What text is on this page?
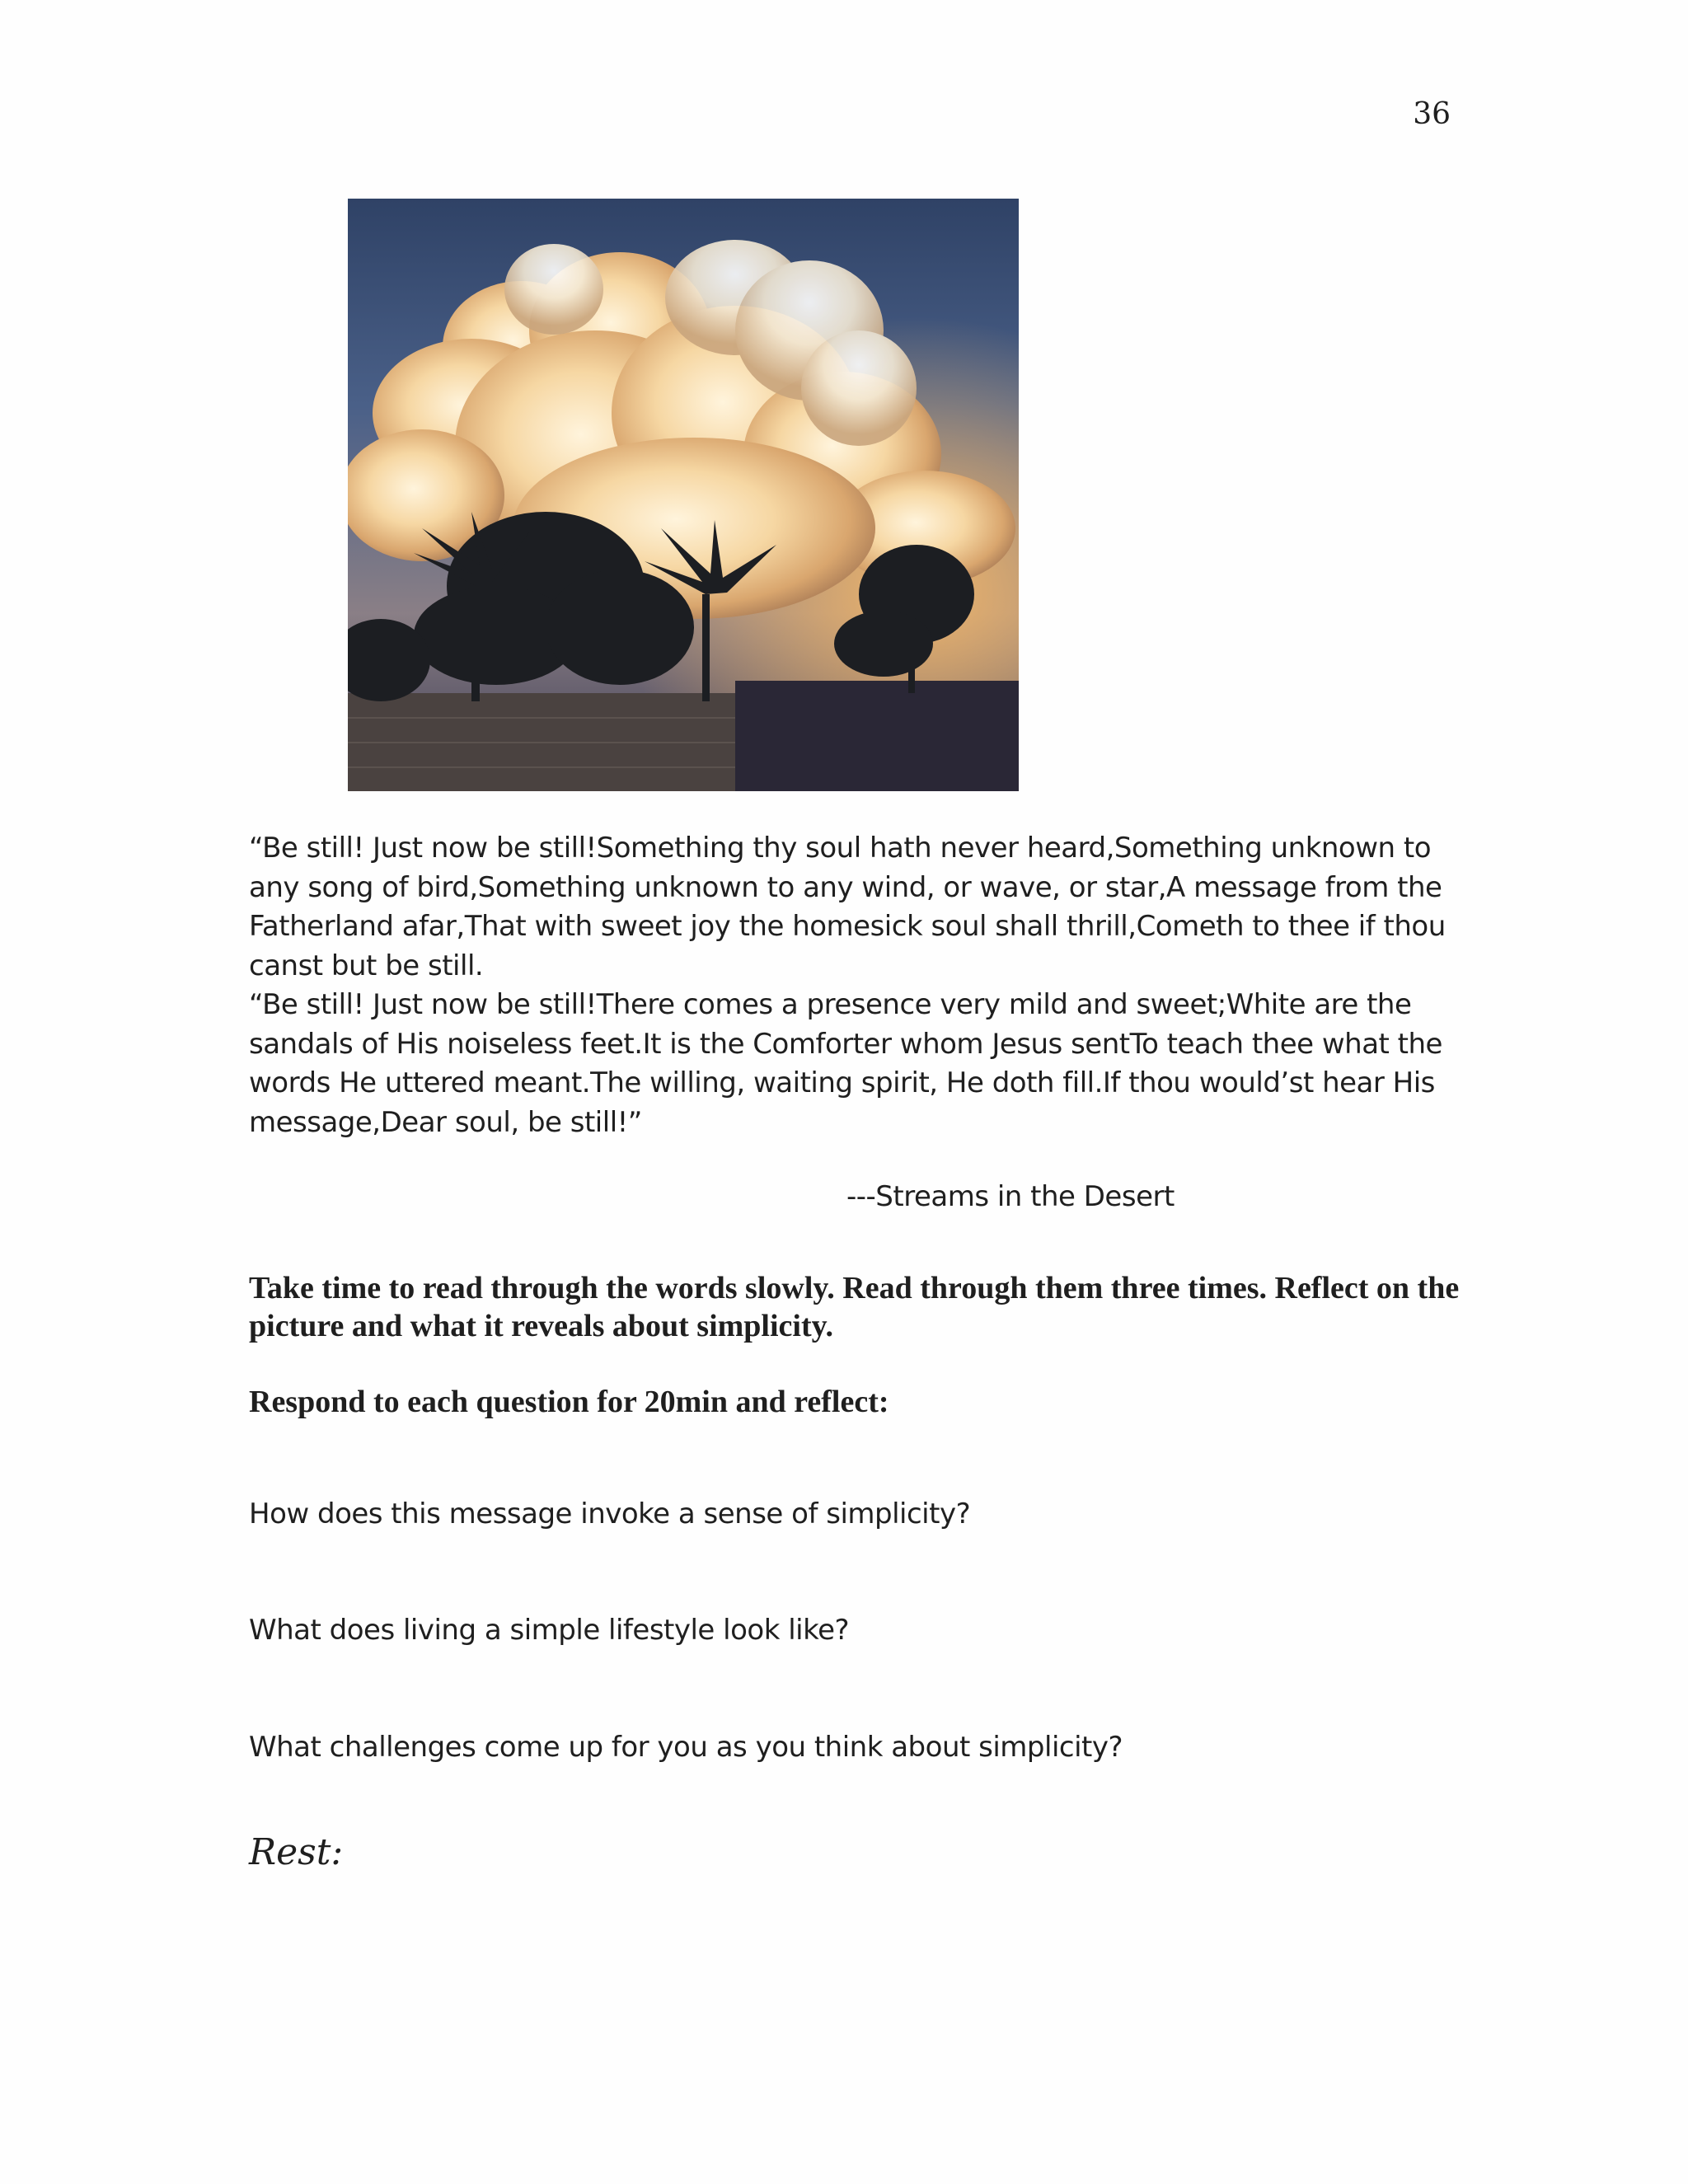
36

“Be still! Just now be still!Something thy soul hath never heard,Something unknown to any song of bird,Something unknown to any wind, or wave, or star,A message from the Fatherland afar,That with sweet joy the homesick soul shall thrill,Cometh to thee if thou canst but be still.

“Be still! Just now be still!There comes a presence very mild and sweet;White are the sandals of His noiseless feet.It is the Comforter whom Jesus sentTo teach thee what the words He uttered meant.The willing, waiting spirit, He doth fill.If thou would’st hear His message,Dear soul, be still!”

---Streams in the Desert
Take time to read through the words slowly. Read through them three times. Reflect on the picture and what it reveals about simplicity.
Respond to each question for 20min and reflect:
How does this message invoke a sense of simplicity?
What does living a simple lifestyle look like?
What challenges come up for you as you think about simplicity?
Rest:
